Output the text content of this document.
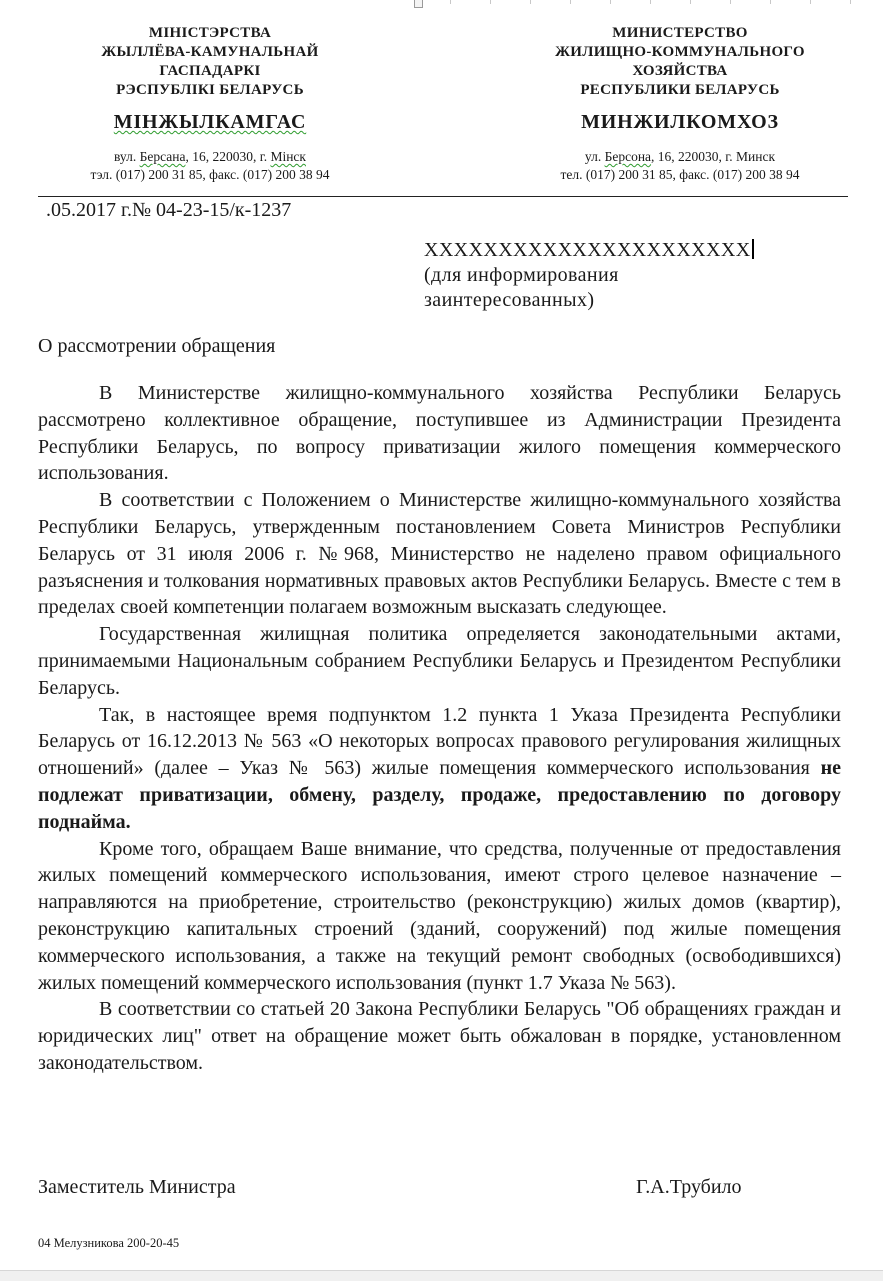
МІНІСТЭРСТВА
ЖЫЛЛЁВА-КАМУНАЛЬНАЙ
ГАСПАДАРКІ
РЭСПУБЛІКІ БЕЛАРУСЬ
МІНЖЫЛКАМГАС
вул. Берсана, 16, 220030, г. Мінск
тэл. (017) 200 31 85, факс. (017) 200 38 94
МИНИСТЕРСТВО
ЖИЛИЩНО-КОММУНАЛЬНОГО
ХОЗЯЙСТВА
РЕСПУБЛИКИ БЕЛАРУСЬ
МИНЖИЛКОМХОЗ
ул. Берсона, 16, 220030, г. Минск
тел. (017) 200 31 85, факс. (017) 200 38 94
.05.2017 г.№ 04-23-15/к-1237
ХХХХХХХХХХХХХХХХХХХХХХ
(для информирования
заинтересованных)
О рассмотрении обращения

В Министерстве жилищно-коммунального хозяйства Республики Беларусь рассмотрено коллективное обращение, поступившее из Администрации Президента Республики Беларусь, по вопросу приватизации жилого помещения коммерческого использования.

В соответствии с Положением о Министерстве жилищно-коммунального хозяйства Республики Беларусь, утвержденным постановлением Совета Министров Республики Беларусь от 31 июля 2006 г. №968, Министерство не наделено правом официального разъяснения и толкования нормативных правовых актов Республики Беларусь. Вместе с тем в пределах своей компетенции полагаем возможным высказать следующее.

Государственная жилищная политика определяется законодательными актами, принимаемыми Национальным собранием Республики Беларусь и Президентом Республики Беларусь.

Так, в настоящее время подпунктом 1.2 пункта 1 Указа Президента Республики Беларусь от 16.12.2013 № 563 «О некоторых вопросах правового регулирования жилищных отношений» (далее – Указ № 563) жилые помещения коммерческого использования не подлежат приватизации, обмену, разделу, продаже, предоставлению по договору поднайма.

Кроме того, обращаем Ваше внимание, что средства, полученные от предоставления жилых помещений коммерческого использования, имеют строго целевое назначение – направляются на приобретение, строительство (реконструкцию) жилых домов (квартир), реконструкцию капитальных строений (зданий, сооружений) под жилые помещения коммерческого использования, а также на текущий ремонт свободных (освободившихся) жилых помещений коммерческого использования (пункт 1.7 Указа № 563).

В соответствии со статьей 20 Закона Республики Беларусь "Об обращениях граждан и юридических лиц" ответ на обращение может быть обжалован в порядке, установленном законодательством.

Заместитель Министра	Г.А.Трубило
04 Мелузникова 200-20-45
